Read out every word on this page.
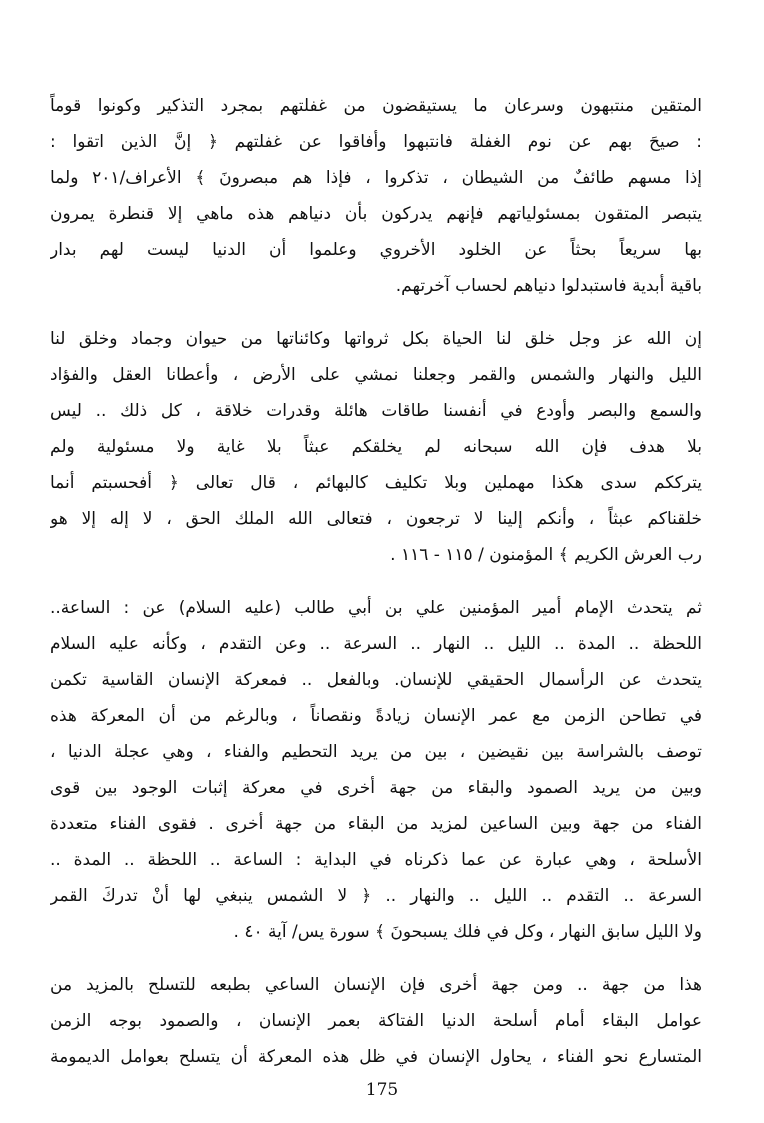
المتقين منتبهون وسرعان ما يستيقضون من غفلتهم بمجرد التذكير وكونوا قوماً
: صيحَ بهم عن نوم الغفلة فانتبهوا وأفاقوا عن غفلتهم ﴿ إنَّ الذين اتقوا :
إذا مسهم طائفٌ من الشيطان ، تذكروا ، فإذا هم مبصرونَ ﴾ الأعراف/٢٠١ ولما
يتبصر المتقون بمسئولياتهم فإنهم يدركون بأن دنياهم هذه ماهي إلا قنطرة يمرون
بها سريعاً بحثاً عن الخلود الأخروي وعلموا أن الدنيا ليست لهم بدار
باقية أبدية فاستبدلوا دنياهم لحساب آخرتهم.
إن الله عز وجل خلق لنا الحياة بكل ثرواتها وكائناتها من حيوان وجماد وخلق لنا
الليل والنهار والشمس والقمر وجعلنا نمشي على الأرض ، وأعطانا العقل والفؤاد
والسمع والبصر وأودع في أنفسنا طاقات هائلة وقدرات خلاقة ، كل ذلك .. ليس
بلا هدف فإن الله سبحانه لم يخلقكم عبثاً بلا غاية ولا مسئولية ولم
يترككم سدى هكذا مهملين وبلا تكليف كالبهائم ، قال تعالى ﴿ أفحسبتم أنما
خلقناكم عبثاً ، وأنكم إلينا لا ترجعون ، فتعالى الله الملك الحق ، لا إله إلا هو
رب العرش الكريم ﴾ المؤمنون / ١١٥ - ١١٦ .
ثم يتحدث الإمام أمير المؤمنين علي بن أبي طالب (عليه السلام) عن : الساعة..
اللحظة .. المدة .. الليل .. النهار .. السرعة .. وعن التقدم ، وكأنه عليه السلام
يتحدث عن الرأسمال الحقيقي للإنسان. وبالفعل .. فمعركة الإنسان القاسية تكمن
في تطاحن الزمن مع عمر الإنسان زيادةً ونقصاناً ، وبالرغم من أن المعركة هذه
توصف بالشراسة بين نقيضين ، بين من يريد التحطيم والفناء ، وهي عجلة الدنيا ،
وبين من يريد الصمود والبقاء من جهة أخرى في معركة إثبات الوجود بين قوى
الفناء من جهة وبين الساعين لمزيد من البقاء من جهة أخرى . فقوى الفناء متعددة
الأسلحة ، وهي عبارة عن عما ذكرناه في البداية : الساعة .. اللحظة .. المدة ..
السرعة .. التقدم .. الليل .. والنهار .. ﴿ لا الشمس ينبغي لها أنْ تدركَ القمر
ولا الليل سابق النهار ، وكل في فلك يسبحونَ ﴾ سورة يس/ آية ٤٠ .
هذا من جهة .. ومن جهة أخرى فإن الإنسان الساعي بطبعه للتسلح بالمزيد من
عوامل البقاء أمام أسلحة الدنيا الفتاكة بعمر الإنسان ، والصمود بوجه الزمن
المتسارع نحو الفناء ، يحاول الإنسان في ظل هذه المعركة أن يتسلح بعوامل الديمومة
175
